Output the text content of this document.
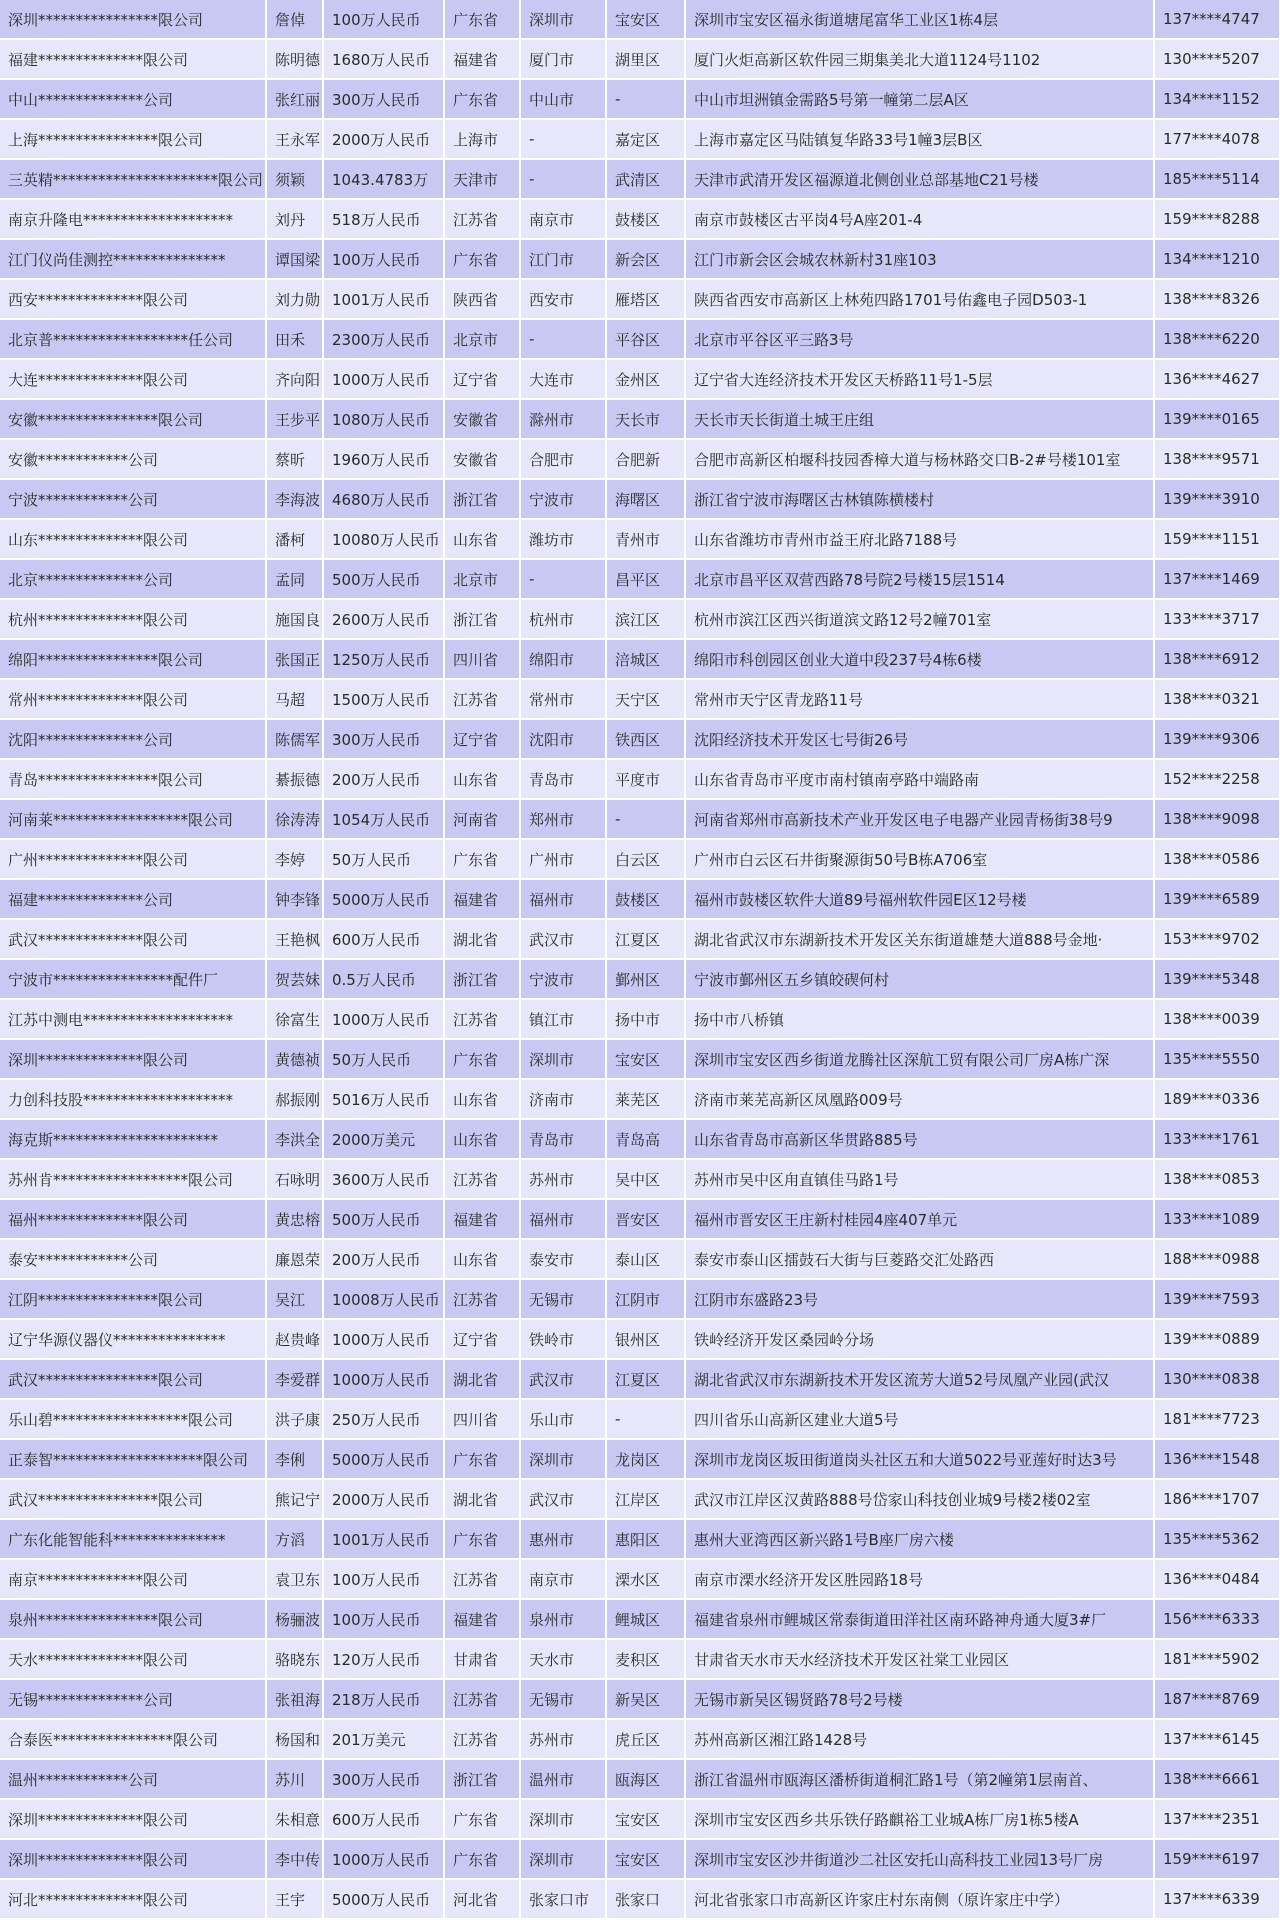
深圳****************限公司	詹倬	100万人民币	广东省	深圳市	宝安区	深圳市宝安区福永街道塘尾富华工业区1栋4层	137****4747
福建**************限公司	陈明德	1680万人民币	福建省	厦门市	湖里区	厦门火炬高新区软件园三期集美北大道1124号1102	130****5207
中山**************公司	张红丽	300万人民币	广东省	中山市	-	中山市坦洲镇金需路5号第一幢第二层A区	134****1152
上海****************限公司	王永军	2000万人民币	上海市	-	嘉定区	上海市嘉定区马陆镇复华路33号1幢3层B区	177****4078
三英精**********************限公司	须颖	1043.4783万	天津市	-	武清区	天津市武清开发区福源道北侧创业总部基地C21号楼	185****5114
南京升隆电********************	刘丹	518万人民币	江苏省	南京市	鼓楼区	南京市鼓楼区古平岗4号A座201-4	159****8288
江门仪尚佳测控***************	谭国梁	100万人民币	广东省	江门市	新会区	江门市新会区会城农林新村31座103	134****1210
西安**************限公司	刘力勋	1001万人民币	陕西省	西安市	雁塔区	陕西省西安市高新区上林苑四路1701号佑鑫电子园D503-1	138****8326
北京普******************任公司	田禾	2300万人民币	北京市	-	平谷区	北京市平谷区平三路3号	138****6220
大连**************限公司	齐向阳	1000万人民币	辽宁省	大连市	金州区	辽宁省大连经济技术开发区天桥路11号1-5层	136****4627
安徽****************限公司	王步平	1080万人民币	安徽省	滁州市	天长市	天长市天长街道土城王庄组	139****0165
安徽************公司	蔡昕	1960万人民币	安徽省	合肥市	合肥新	合肥市高新区柏堰科技园香樟大道与杨林路交口B-2#号楼101室	138****9571
宁波************公司	李海波	4680万人民币	浙江省	宁波市	海曙区	浙江省宁波市海曙区古林镇陈横楼村	139****3910
山东**************限公司	潘柯	10080万人民币	山东省	潍坊市	青州市	山东省潍坊市青州市益王府北路7188号	159****1151
北京**************公司	孟同	500万人民币	北京市	-	昌平区	北京市昌平区双营西路78号院2号楼15层1514	137****1469
杭州**************限公司	施国良	2600万人民币	浙江省	杭州市	滨江区	杭州市滨江区西兴街道滨文路12号2幢701室	133****3717
绵阳****************限公司	张国正	1250万人民币	四川省	绵阳市	涪城区	绵阳市科创园区创业大道中段237号4栋6楼	138****6912
常州**************限公司	马超	1500万人民币	江苏省	常州市	天宁区	常州市天宁区青龙路11号	138****0321
沈阳**************公司	陈儒军	300万人民币	辽宁省	沈阳市	铁西区	沈阳经济技术开发区七号街26号	139****9306
青岛****************限公司	綦振德	200万人民币	山东省	青岛市	平度市	山东省青岛市平度市南村镇南亭路中端路南	152****2258
河南莱******************限公司	徐涛涛	1054万人民币	河南省	郑州市	-	河南省郑州市高新技术产业开发区电子电器产业园青杨街38号9	138****9098
广州**************限公司	李婷	50万人民币	广东省	广州市	白云区	广州市白云区石井街聚源街50号B栋A706室	138****0586
福建**************公司	钟李锋	5000万人民币	福建省	福州市	鼓楼区	福州市鼓楼区软件大道89号福州软件园E区12号楼	139****6589
武汉**************限公司	王艳枫	600万人民币	湖北省	武汉市	江夏区	湖北省武汉市东湖新技术开发区关东街道雄楚大道888号金地·	153****9702
宁波市****************配件厂	贺芸妹	0.5万人民币	浙江省	宁波市	鄞州区	宁波市鄞州区五乡镇皎碶何村	139****5348
江苏中测电********************	徐富生	1000万人民币	江苏省	镇江市	扬中市	扬中市八桥镇	138****0039
深圳**************限公司	黄德祯	50万人民币	广东省	深圳市	宝安区	深圳市宝安区西乡街道龙腾社区深航工贸有限公司厂房A栋广深	135****5550
力创科技股********************	郝振刚	5016万人民币	山东省	济南市	莱芜区	济南市莱芜高新区凤凰路009号	189****0336
海克斯**********************	李洪全	2000万美元	山东省	青岛市	青岛高	山东省青岛市高新区华贯路885号	133****1761
苏州肯******************限公司	石咏明	3600万人民币	江苏省	苏州市	吴中区	苏州市吴中区甪直镇佳马路1号	138****0853
福州**************限公司	黄忠榕	500万人民币	福建省	福州市	晋安区	福州市晋安区王庄新村桂园4座407单元	133****1089
泰安************公司	廉恩荣	200万人民币	山东省	泰安市	泰山区	泰安市泰山区擂鼓石大街与巨菱路交汇处路西	188****0988
江阴****************限公司	吴江	10008万人民币	江苏省	无锡市	江阴市	江阴市东盛路23号	139****7593
辽宁华源仪器仪***************	赵贵峰	1000万人民币	辽宁省	铁岭市	银州区	铁岭经济开发区桑园岭分场	139****0889
武汉****************限公司	李爱群	1000万人民币	湖北省	武汉市	江夏区	湖北省武汉市东湖新技术开发区流芳大道52号凤凰产业园(武汉	130****0838
乐山碧******************限公司	洪子康	250万人民币	四川省	乐山市	-	四川省乐山高新区建业大道5号	181****7723
正泰智********************限公司	李俐	5000万人民币	广东省	深圳市	龙岗区	深圳市龙岗区坂田街道岗头社区五和大道5022号亚莲好时达3号	136****1548
武汉****************限公司	熊记宁	2000万人民币	湖北省	武汉市	江岸区	武汉市江岸区汉黄路888号岱家山科技创业城9号楼2楼02室	186****1707
广东化能智能科***************	方滔	1001万人民币	广东省	惠州市	惠阳区	惠州大亚湾西区新兴路1号B座厂房六楼	135****5362
南京**************限公司	袁卫东	100万人民币	江苏省	南京市	溧水区	南京市溧水经济开发区胜园路18号	136****0484
泉州****************限公司	杨骊波	100万人民币	福建省	泉州市	鲤城区	福建省泉州市鲤城区常泰街道田洋社区南环路神舟通大厦3#厂	156****6333
天水**************限公司	骆晓东	120万人民币	甘肃省	天水市	麦积区	甘肃省天水市天水经济技术开发区社棠工业园区	181****5902
无锡**************公司	张祖海	218万人民币	江苏省	无锡市	新吴区	无锡市新吴区锡贤路78号2号楼	187****8769
合泰医****************限公司	杨国和	201万美元	江苏省	苏州市	虎丘区	苏州高新区湘江路1428号	137****6145
温州************公司	苏川	300万人民币	浙江省	温州市	瓯海区	浙江省温州市瓯海区潘桥街道桐汇路1号（第2幢第1层南首、	138****6661
深圳**************限公司	朱相意	600万人民币	广东省	深圳市	宝安区	深圳市宝安区西乡共乐铁仔路麒裕工业城A栋厂房1栋5楼A	137****2351
深圳**************限公司	李中传	1000万人民币	广东省	深圳市	宝安区	深圳市宝安区沙井街道沙二社区安托山高科技工业园13号厂房	159****6197
河北**************限公司	王宇	5000万人民币	河北省	张家口市	张家口	河北省张家口市高新区许家庄村东南侧（原许家庄中学）	137****6339
